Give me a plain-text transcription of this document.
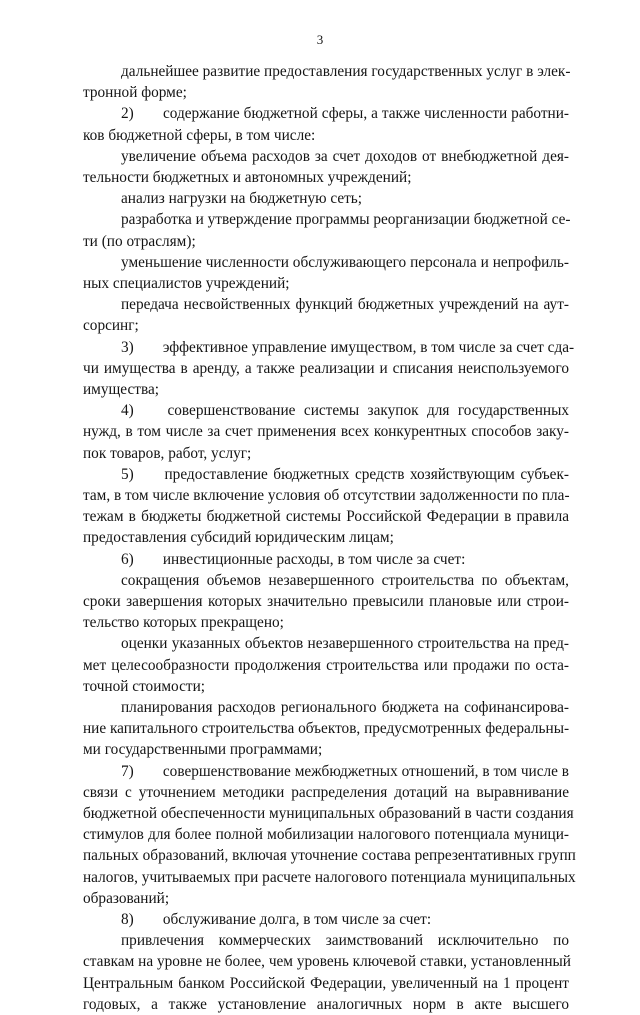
3
дальнейшее развитие предоставления государственных услуг в элек-
тронной форме;
2) содержание бюджетной сферы, а также численности работни-
ков бюджетной сферы, в том числе:
увеличение объема расходов за счет доходов от внебюджетной дея-
тельности бюджетных и автономных учреждений;
анализ нагрузки на бюджетную сеть;
разработка и утверждение программы реорганизации бюджетной се-
ти (по отраслям);
уменьшение численности обслуживающего персонала и непрофиль-
ных специалистов учреждений;
передача несвойственных функций бюджетных учреждений на аут-
сорсинг;
3) эффективное управление имуществом, в том числе за счет сда-
чи имущества в аренду, а также реализации и списания неиспользуемого
имущества;
4) совершенствование системы закупок для государственных
нужд, в том числе за счет применения всех конкурентных способов заку-
пок товаров, работ, услуг;
5) предоставление бюджетных средств хозяйствующим субъек-
там, в том числе включение условия об отсутствии задолженности по пла-
тежам в бюджеты бюджетной системы Российской Федерации в правила
предоставления субсидий юридическим лицам;
6) инвестиционные расходы, в том числе за счет:
сокращения объемов незавершенного строительства по объектам,
сроки завершения которых значительно превысили плановые или строи-
тельство которых прекращено;
оценки указанных объектов незавершенного строительства на пред-
мет целесообразности продолжения строительства или продажи по оста-
точной стоимости;
планирования расходов регионального бюджета на софинансирова-
ние капитального строительства объектов, предусмотренных федеральны-
ми государственными программами;
7) совершенствование межбюджетных отношений, в том числе в
связи с уточнением методики распределения дотаций на выравнивание
бюджетной обеспеченности муниципальных образований в части создания
стимулов для более полной мобилизации налогового потенциала муници-
пальных образований, включая уточнение состава репрезентативных групп
налогов, учитываемых при расчете налогового потенциала муниципальных
образований;
8) обслуживание долга, в том числе за счет:
привлечения коммерческих заимствований исключительно по
ставкам на уровне не более, чем уровень ключевой ставки, установленный
Центральным банком Российской Федерации, увеличенный на 1 процент
годовых, а также установление аналогичных норм в акте высшего
